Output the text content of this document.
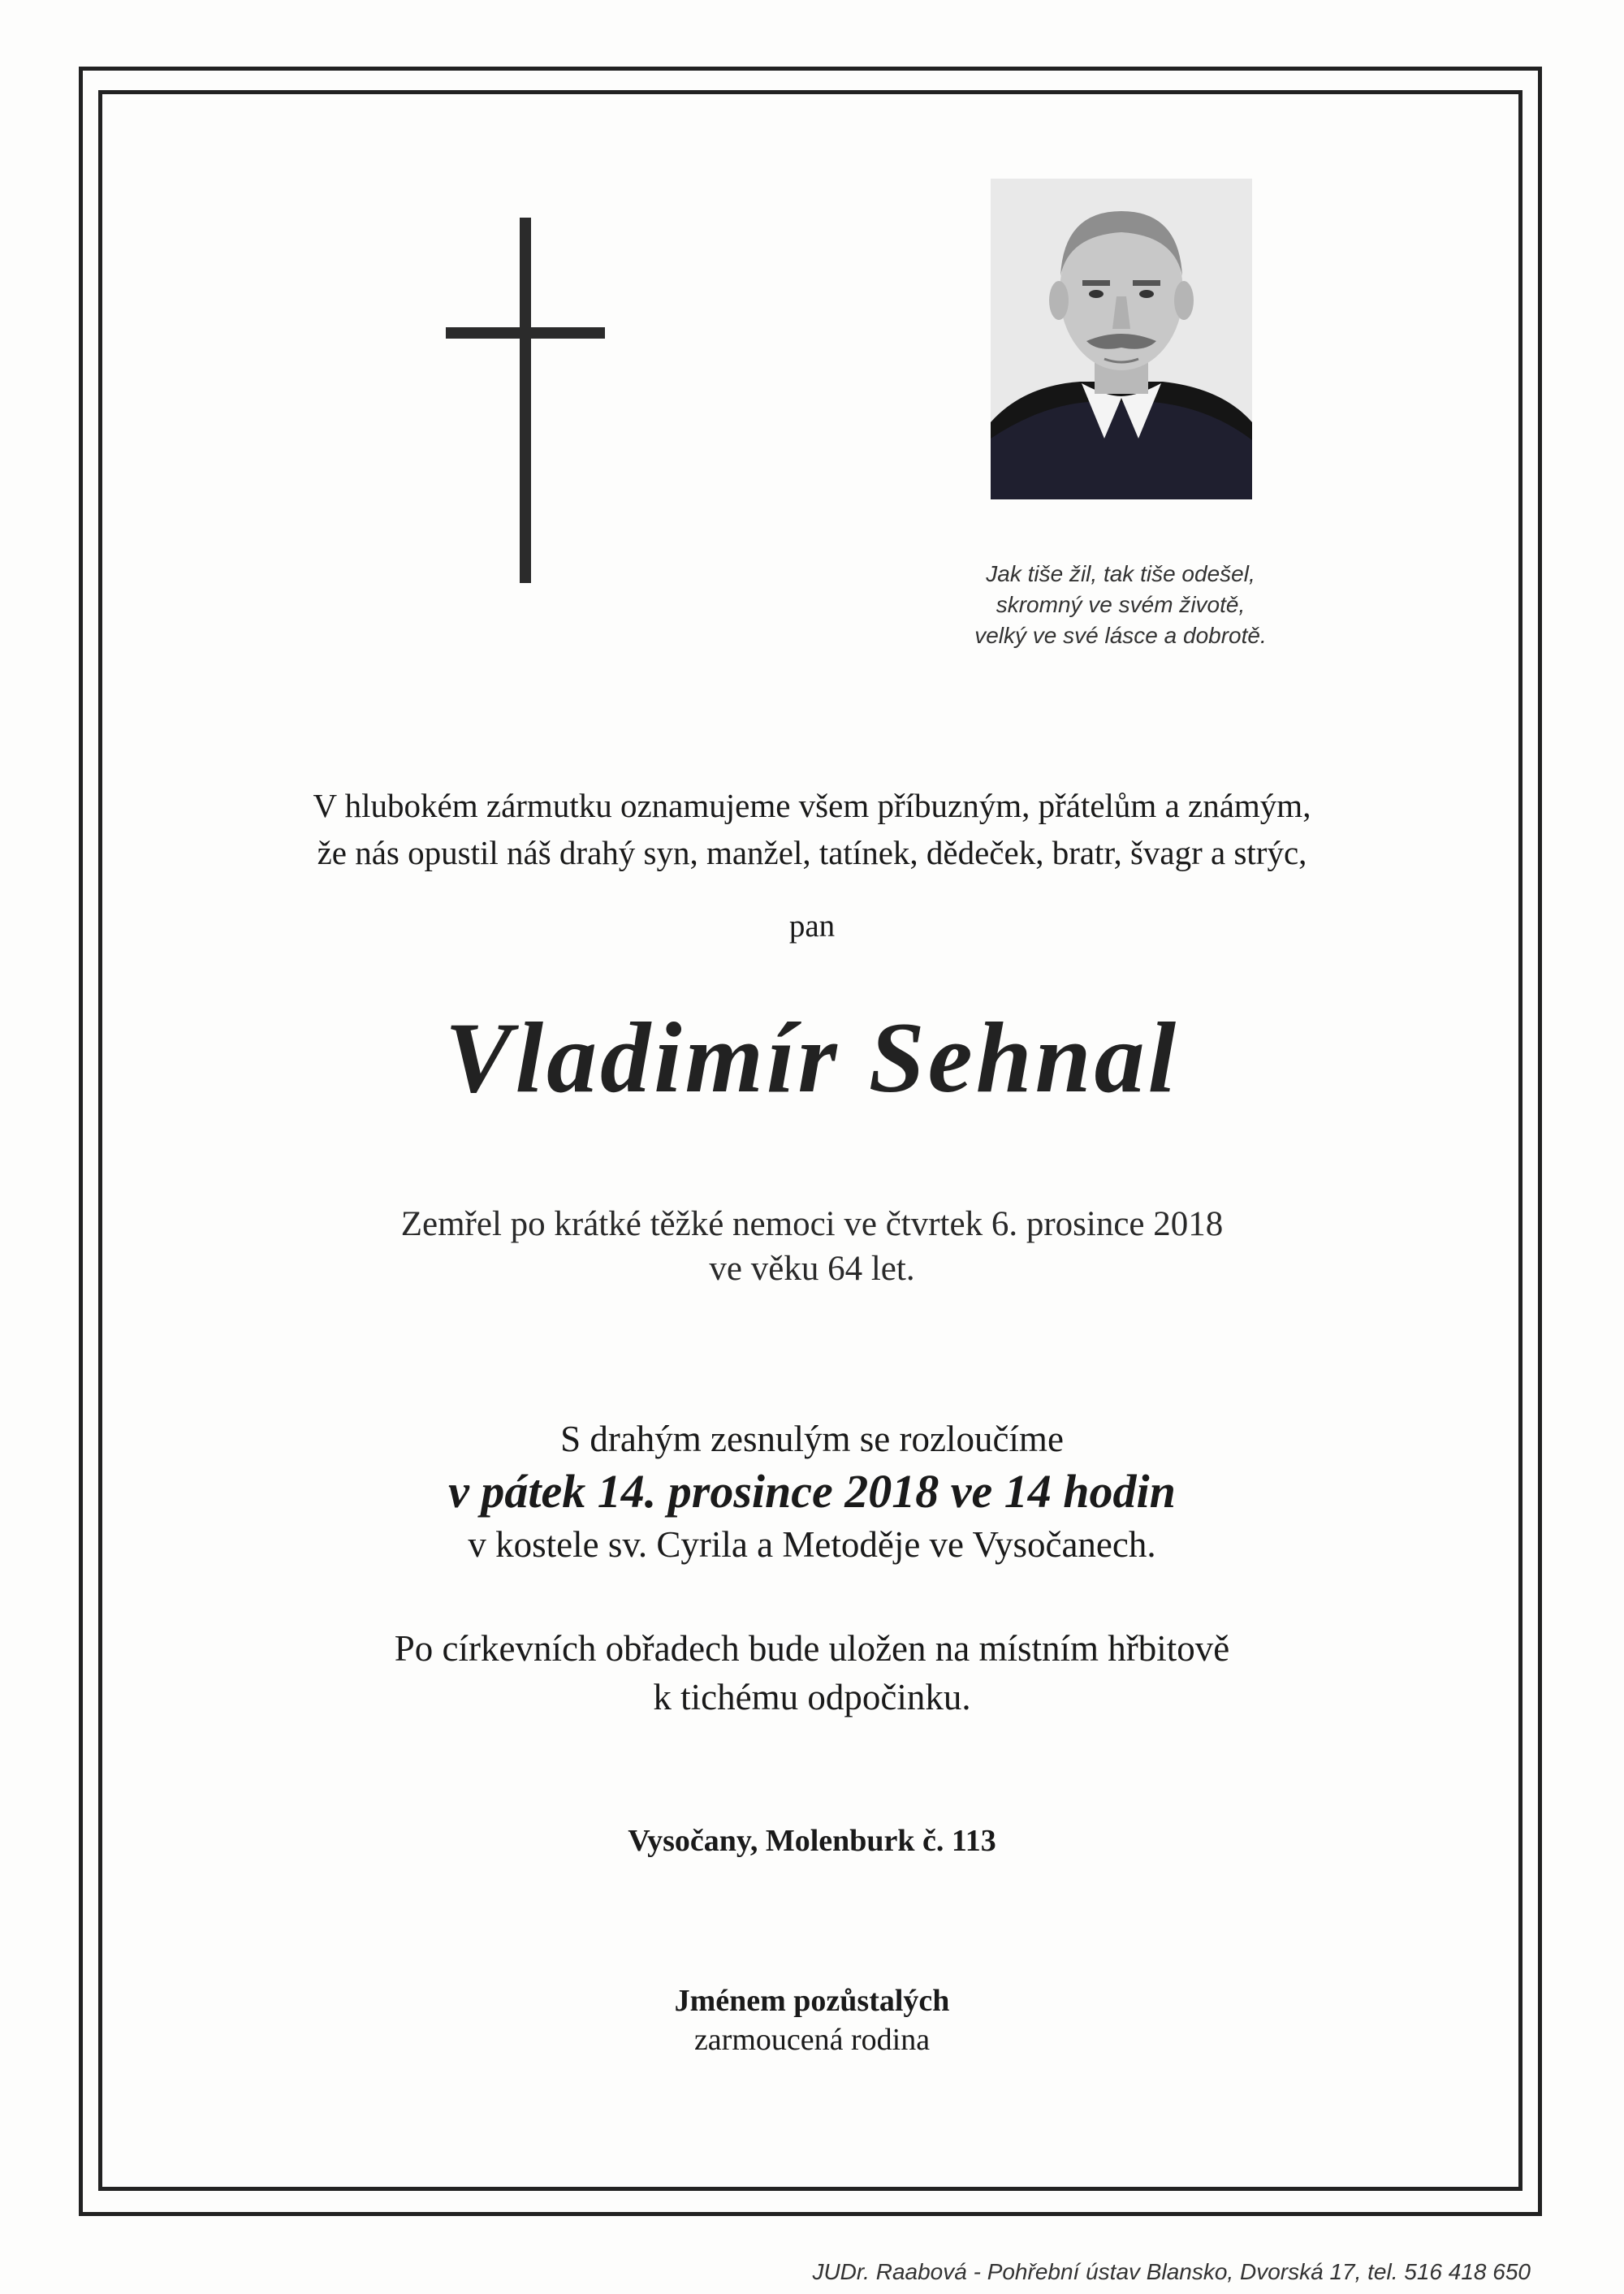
Jak tiše žil, tak tiše odešel,
skromný ve svém životě,
velký ve své lásce a dobrotě.
V hlubokém zármutku oznamujeme všem příbuzným, přátelům a známým,
že nás opustil náš drahý syn, manžel, tatínek, dědeček, bratr, švagr a strýc,
pan
Vladimír Sehnal
Zemřel po krátké těžké nemoci ve čtvrtek 6. prosince 2018
ve věku 64 let.
S drahým zesnulým se rozloučíme
v pátek 14. prosince 2018 ve 14 hodin
v kostele sv. Cyrila a Metoděje ve Vysočanech.
Po církevních obřadech bude uložen na místním hřbitově
k tichému odpočinku.
Vysočany, Molenburk č. 113
Jménem pozůstalých
zarmoucená rodina
JUDr. Raabová - Pohřební ústav Blansko, Dvorská 17, tel. 516 418 650
